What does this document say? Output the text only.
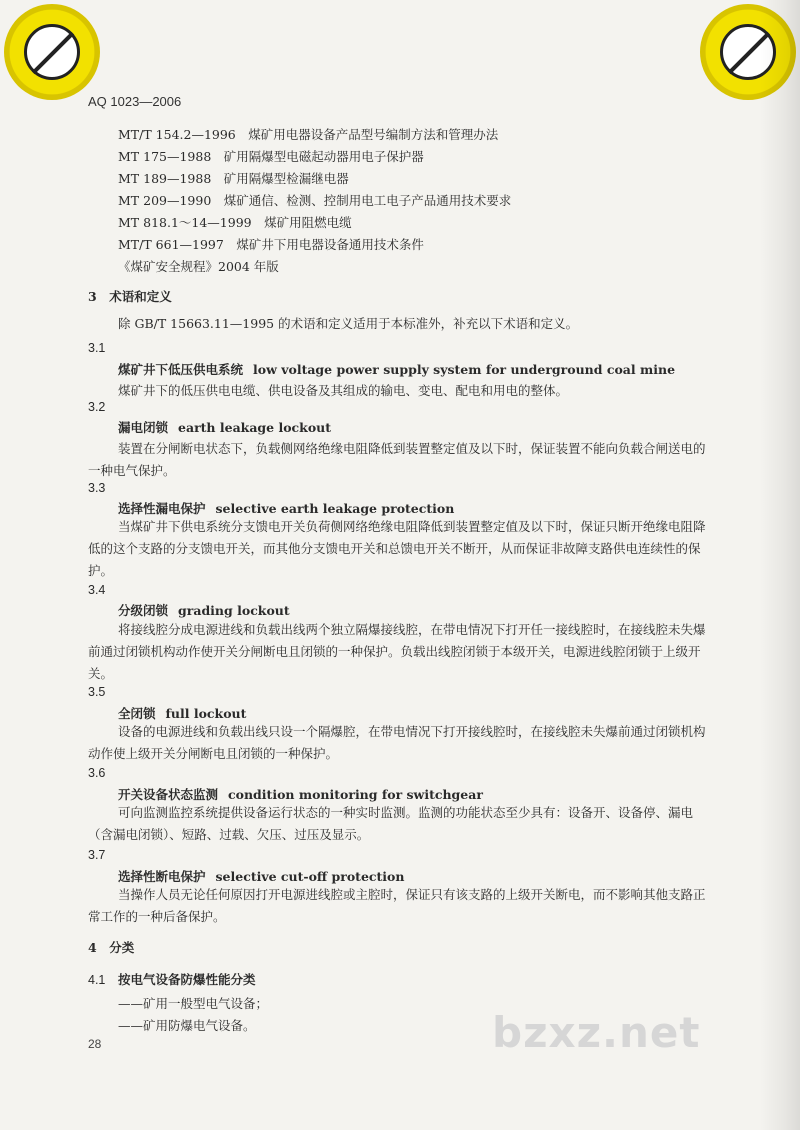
AQ 1023—2006
MT/T 154.2—1996　煤矿用电器设备产品型号编制方法和管理办法
MT 175—1988　矿用隔爆型电磁起动器用电子保护器
MT 189—1988　矿用隔爆型检漏继电器
MT 209—1990　煤矿通信、检测、控制用电工电子产品通用技术要求
MT 818.1～14—1999　煤矿用阻燃电缆
MT/T 661—1997　煤矿井下用电器设备通用技术条件
《煤矿安全规程》2004 年版
3　术语和定义
除 GB/T 15663.11—1995 的术语和定义适用于本标准外，补充以下术语和定义。
3.1
煤矿井下低压供电系统 low voltage power supply system for underground coal mine
煤矿井下的低压供电电缆、供电设备及其组成的输电、变电、配电和用电的整体。
3.2
漏电闭锁 earth leakage lockout
装置在分闸断电状态下，负载侧网络绝缘电阻降低到装置整定值及以下时，保证装置不能向负载合闸送电的一种电气保护。
3.3
选择性漏电保护 selective earth leakage protection
当煤矿井下供电系统分支馈电开关负荷侧网络绝缘电阻降低到装置整定值及以下时，保证只断开绝缘电阻降低的这个支路的分支馈电开关，而其他分支馈电开关和总馈电开关不断开，从而保证非故障支路供电连续性的保护。
3.4
分级闭锁 grading lockout
将接线腔分成电源进线和负载出线两个独立隔爆接线腔，在带电情况下打开任一接线腔时，在接线腔未失爆前通过闭锁机构动作使开关分闸断电且闭锁的一种保护。负载出线腔闭锁于本级开关，电源进线腔闭锁于上级开关。
3.5
全闭锁 full lockout
设备的电源进线和负载出线只设一个隔爆腔，在带电情况下打开接线腔时，在接线腔未失爆前通过闭锁机构动作使上级开关分闸断电且闭锁的一种保护。
3.6
开关设备状态监测 condition monitoring for switchgear
可向监测监控系统提供设备运行状态的一种实时监测。监测的功能状态至少具有：设备开、设备停、漏电（含漏电闭锁）、短路、过载、欠压、过压及显示。
3.7
选择性断电保护 selective cut-off protection
当操作人员无论任何原因打开电源进线腔或主腔时，保证只有该支路的上级开关断电，而不影响其他支路正常工作的一种后备保护。
4　分类
4.1 按电气设备防爆性能分类
——矿用一般型电气设备；
——矿用防爆电气设备。
28	bzxz.net
